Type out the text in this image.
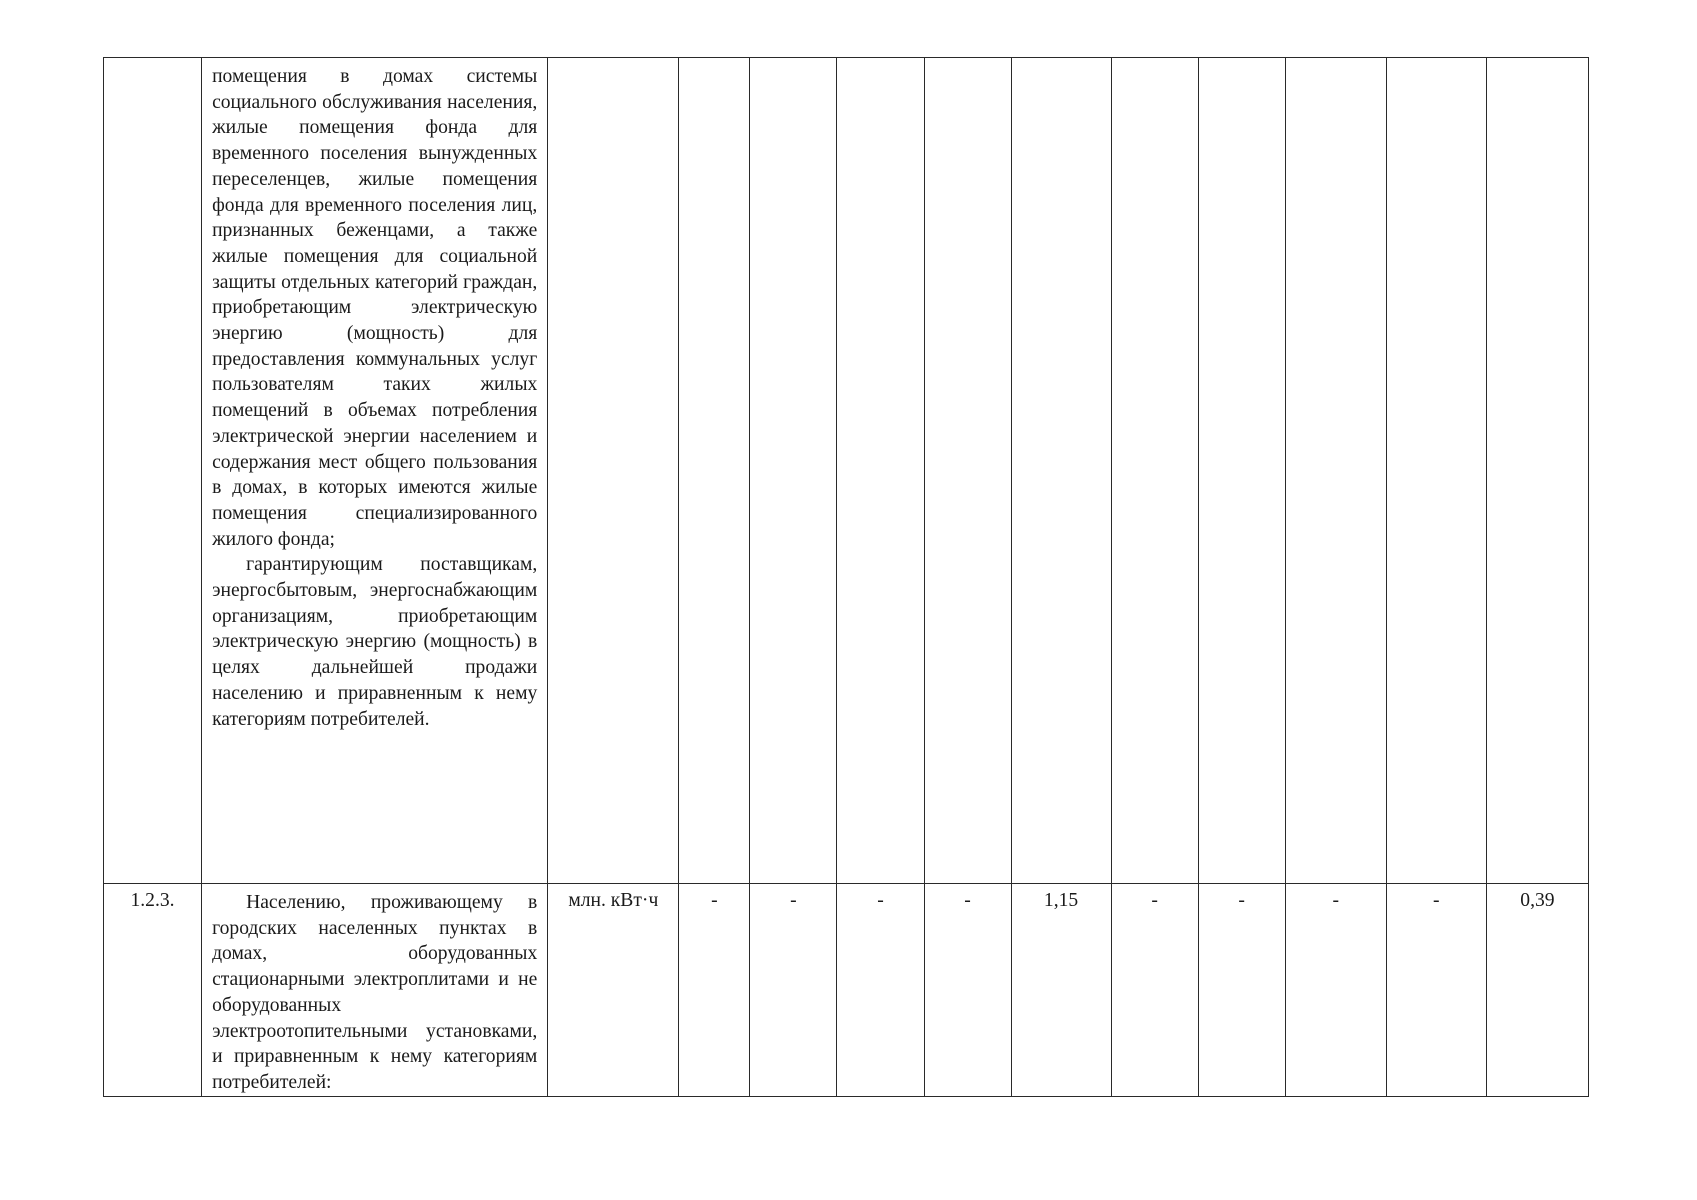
	помещения в домах системы социального обслуживания населения, жилые помещения фонда для временного поселения вынужденных переселенцев, жилые помещения фонда для временного поселения лиц, признанных беженцами, а также жилые помещения для социальной защиты отдельных категорий граждан, приобретающим электрическую энергию (мощность) для предоставления коммунальных услуг пользователям таких жилых помещений в объемах потребления электрической энергии населением и содержания мест общего пользования в домах, в которых имеются жилые помещения специализированного жилого фонда;

гарантирующим поставщикам, энергосбытовым, энергоснабжающим организациям, приобретающим электрическую энергию (мощность) в целях дальнейшей продажи населению и приравненным к нему категориям потребителей.											

1.2.3.	Населению, проживающему в городских населенных пунктах в домах, оборудованных стационарными электроплитами и не оборудованных электроотопительными установками, и приравненным к нему категориям потребителей:	млн. кВт·ч	-	-	-	-	1,15	-	-	-	-	0,39
